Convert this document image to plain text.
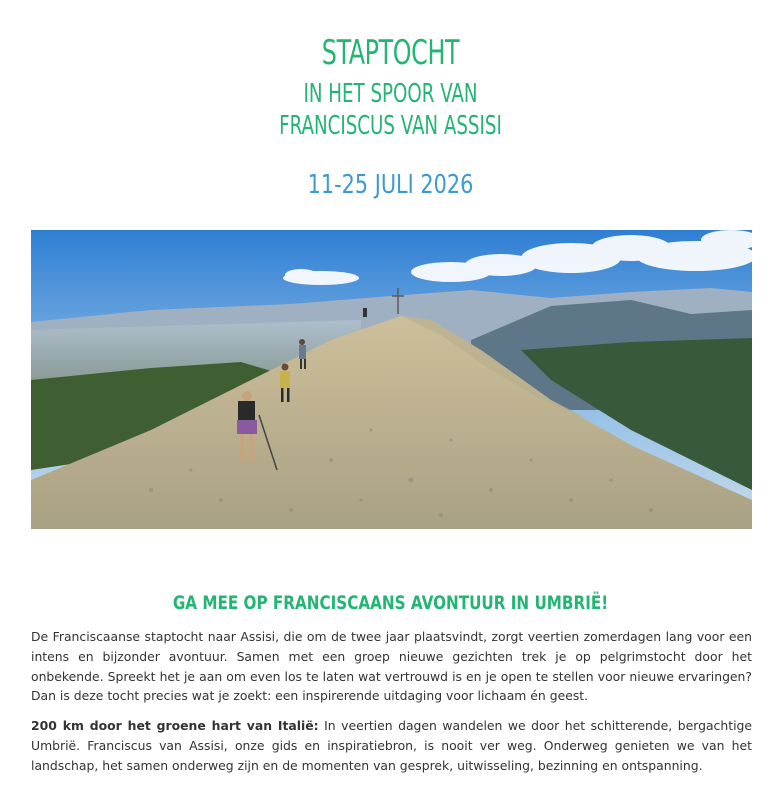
STAPTOCHT
IN HET SPOOR VAN
FRANCISCUS VAN ASSISI
11-25 JULI 2026
GA MEE OP FRANCISCAANS AVONTUUR IN UMBRIË!

De Franciscaanse staptocht naar Assisi, die om de twee jaar plaatsvindt, zorgt veertien zomerdagen lang voor een intens en bijzonder avontuur. Samen met een groep nieuwe gezichten trek je op pelgrimstocht door het onbekende. Spreekt het je aan om even los te laten wat vertrouwd is en je open te stellen voor nieuwe ervaringen? Dan is deze tocht precies wat je zoekt: een inspirerende uitdaging voor lichaam én geest.

200 km door het groene hart van Italië: In veertien dagen wandelen we door het schitterende, bergachtige Umbrië. Franciscus van Assisi, onze gids en inspiratiebron, is nooit ver weg. Onderweg genieten we van het landschap, het samen onderweg zijn en de momenten van gesprek, uitwisseling, bezinning en ontspanning.
